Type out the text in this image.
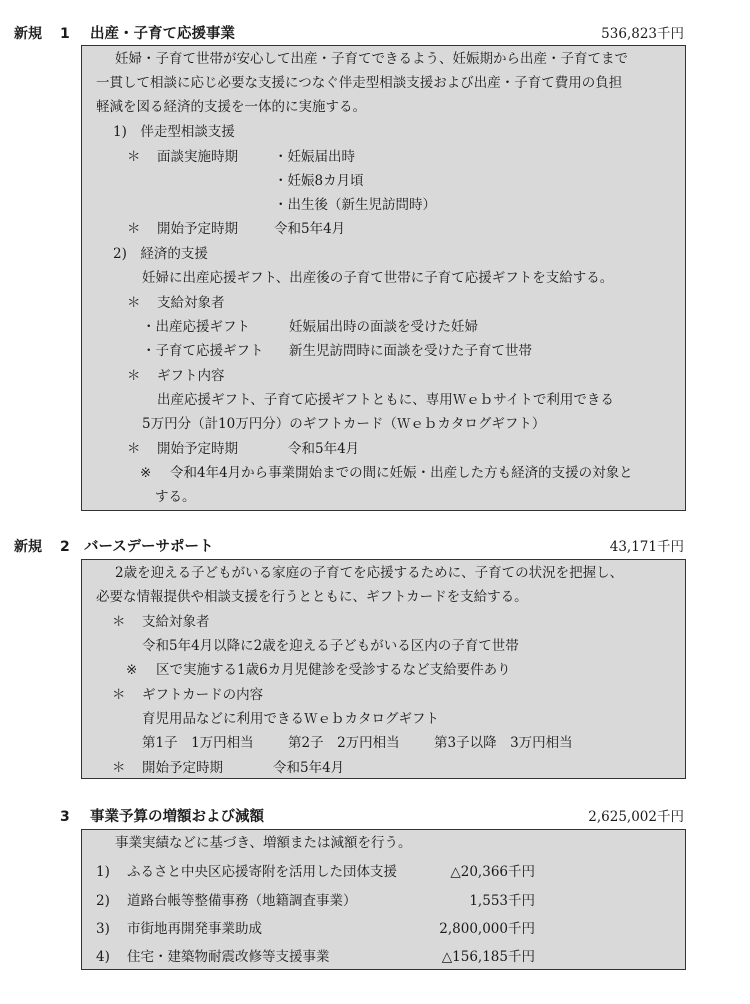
新規 1 出産・子育て応援事業	536,823千円
妊婦・子育て世帯が安心して出産・子育てできるよう、妊娠期から出産・子育てまで
一貫して相談に応じ必要な支援につなぐ伴走型相談支援および出産・子育て費用の負担
軽減を図る経済的支援を一体的に実施する。
1)　伴走型相談支援
＊ 面談実施時期	・妊娠届出時
・妊娠8カ月頃
・出生後（新生児訪問時）
＊ 開始予定時期	令和5年4月
2)　経済的支援
妊婦に出産応援ギフト、出産後の子育て世帯に子育て応援ギフトを支給する。
＊ 支給対象者
・出産応援ギフト	妊娠届出時の面談を受けた妊婦
・子育て応援ギフト 新生児訪問時に面談を受けた子育て世帯
＊ ギフト内容
出産応援ギフト、子育て応援ギフトともに、専用Ｗｅｂサイトで利用できる
5万円分（計10万円分）のギフトカード（Ｗｅｂカタログギフト）
＊ 開始予定時期	令和5年4月
※ 令和4年4月から事業開始までの間に妊娠・出産した方も経済的支援の対象と
する。
新規 2 バースデーサポート	43,171千円
2歳を迎える子どもがいる家庭の子育てを応援するために、子育ての状況を把握し、
必要な情報提供や相談支援を行うとともに、ギフトカードを支給する。
＊ 支給対象者
令和5年4月以降に2歳を迎える子どもがいる区内の子育て世帯
※ 区で実施する1歳6カ月児健診を受診するなど支給要件あり
＊ ギフトカードの内容
育児用品などに利用できるＷｅｂカタログギフト
第1子　1万円相当	第2子　2万円相当	第3子以降　3万円相当
＊ 開始予定時期	令和5年4月
3 事業予算の増額および減額	2,625,002千円
事業実績などに基づき、増額または減額を行う。
1) ふるさと中央区応援寄附を活用した団体支援	△20,366千円
2) 道路台帳等整備事務（地籍調査事業）	1,553千円
3) 市街地再開発事業助成	2,800,000千円
4) 住宅・建築物耐震改修等支援事業	△156,185千円
